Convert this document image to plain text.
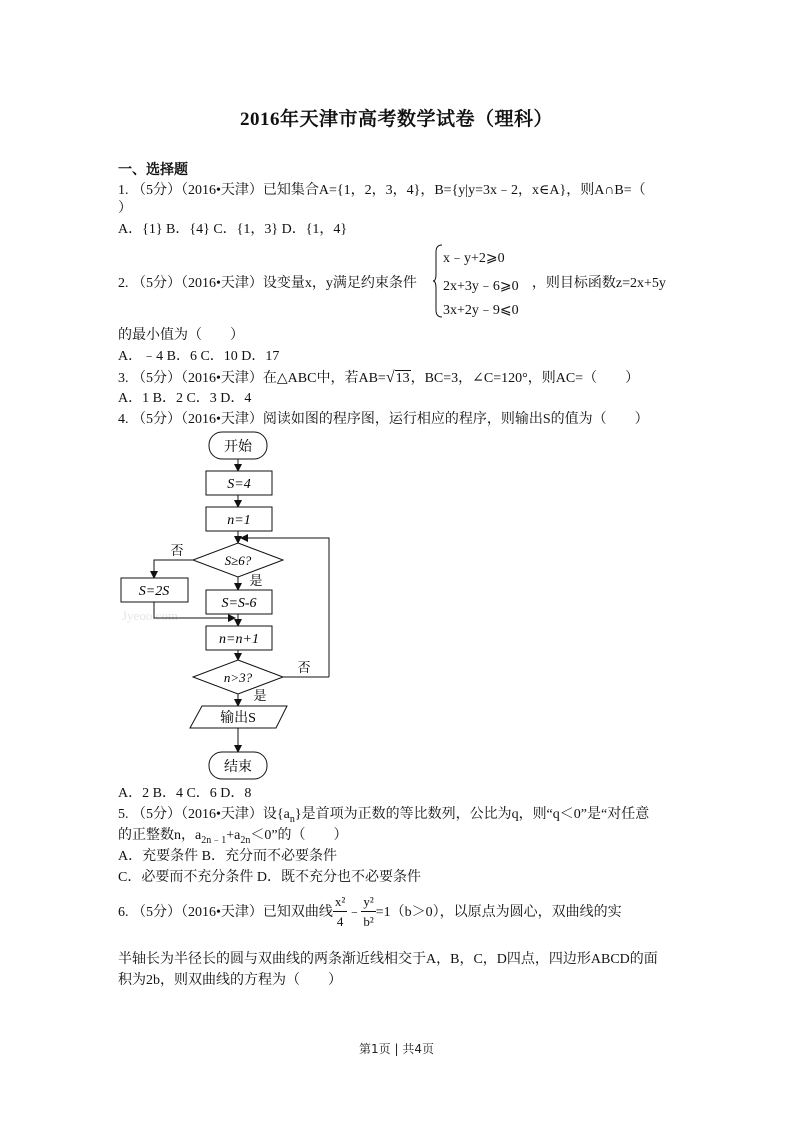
2016年天津市高考数学试卷（理科）
一、选择题
1. （5分）（2016•天津）已知集合A={1，2，3，4}，B={y|y=3x﹣2，x∈A}，则A∩B=（
）
A．{1} B．{4} C．{1，3} D．{1，4}
2. （5分）（2016•天津）设变量x，y满足约束条件	，则目标函数z=2x+5y
x﹣y+2⩾0
2x+3y﹣6⩾0
3x+2y﹣9⩽0
的最小值为（　　）
A．﹣4 B．6 C．10 D．17
3. （5分）（2016•天津）在△ABC中，若AB=√13，BC=3，∠C=120°，则AC=（　　）
A．1 B．2 C．3 D．4
4. （5分）（2016•天津）阅读如图的程序图，运行相应的程序，则输出S的值为（　　）
开始
S=4
n=1
S≥6?
否
S=2S
Jyeoo.com
是
S=S-6
n=n+1
n>3?
否
是
输出S
结束
A．2 B．4 C．6 D．8
5. （5分）（2016•天津）设$\{a_n\}$是首项为正数的等比数列，公比为q，则“q＜0”是“对任意
的正整数n，$a_{2n﹣1}+a_{2n}<0$”的（　　）
A．充要条件 B．充分而不必要条件
C．必要而不充分条件 D．既不充分也不必要条件
6. （5分）（2016•天津）已知双曲线 $\frac{\text{x²}}{4}$ ﹣ $\frac{\text{y²}}{\text{b²}} =1(b>0)$，以原点为圆心，双曲线的实
半轴长为半径长的圆与双曲线的两条渐近线相交于A，B，C，D四点，四边形ABCD的面
积为2b，则双曲线的方程为（　　）
第1页 | 共4页
